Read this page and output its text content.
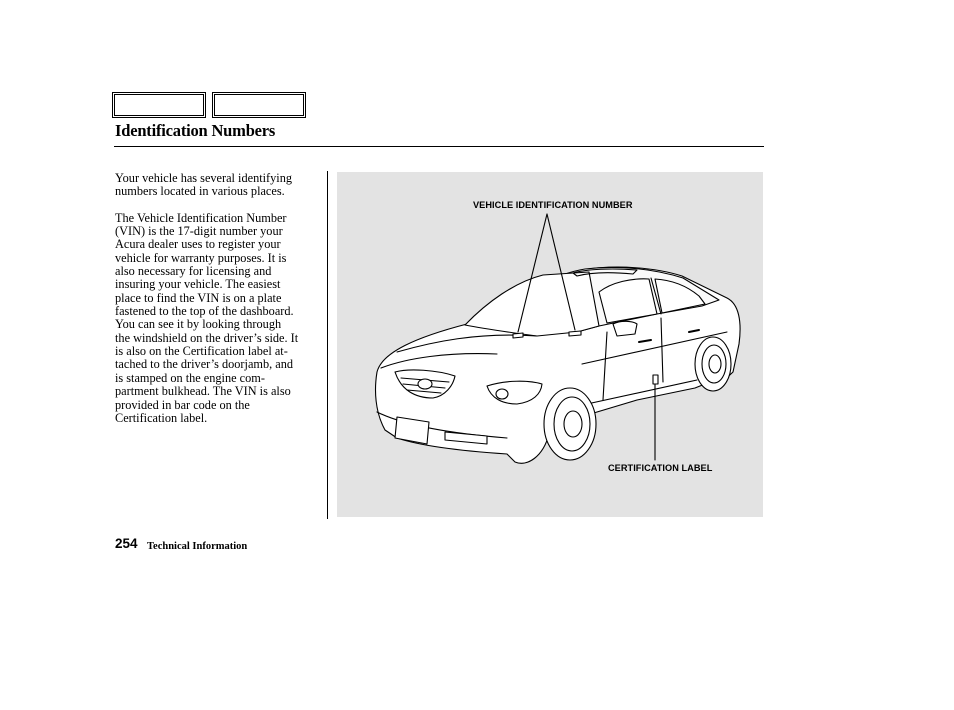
Identification Numbers

Your vehicle has several identifying
numbers located in various places.

The Vehicle Identification Number
(VIN) is the 17-digit number your
Acura dealer uses to register your
vehicle for warranty purposes. It is
also necessary for licensing and
insuring your vehicle. The easiest
place to find the VIN is on a plate
fastened to the top of the dashboard.
You can see it by looking through
the windshield on the driver’s side. It
is also on the Certification label at-
tached to the driver’s doorjamb, and
is stamped on the engine com-
partment bulkhead. The VIN is also
provided in bar code on the
Certification label.

VEHICLE IDENTIFICATION NUMBER
CERTIFICATION LABEL
254 Technical Information
